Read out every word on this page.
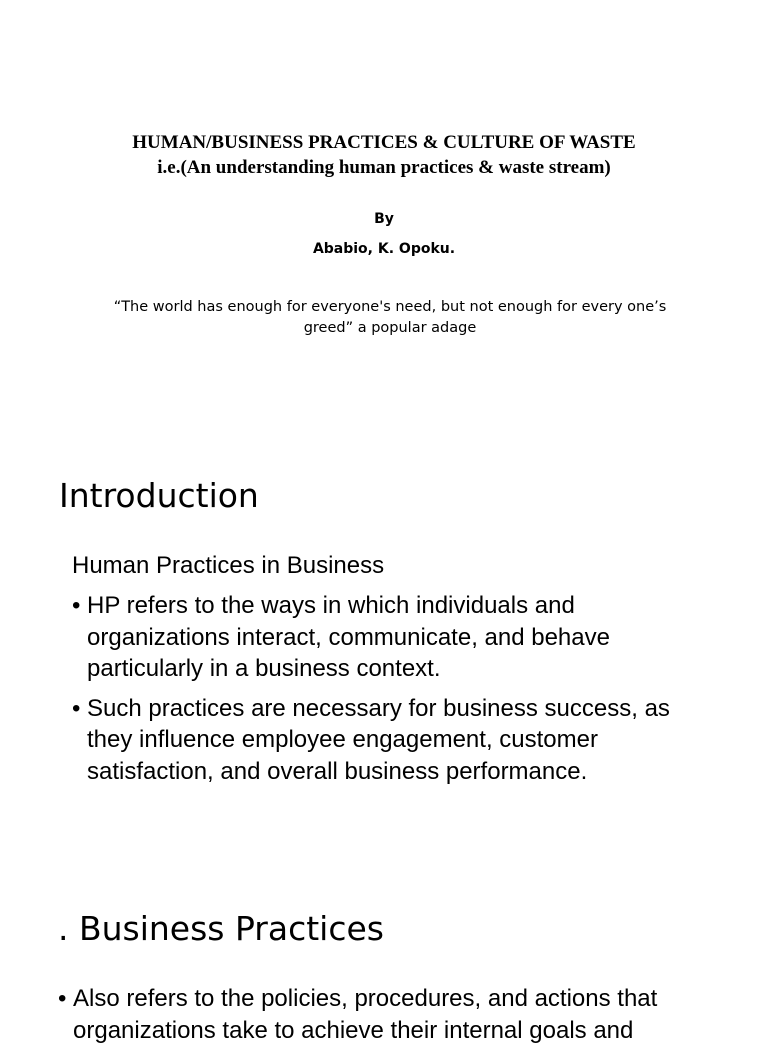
HUMAN/BUSINESS PRACTICES & CULTURE OF WASTE
i.e.(An understanding human practices & waste stream)
By
Ababio, K. Opoku.
“The world has enough for everyone's need, but not enough for every one’s greed” a popular adage
Introduction
Human Practices in Business
• HP refers to the ways in which individuals and organizations interact, communicate, and behave particularly in a business context.
• Such practices are necessary for business success, as they influence employee engagement, customer satisfaction, and overall business performance.
. Business Practices
• Also refers to the policies, procedures, and actions that organizations take to achieve their internal goals and
